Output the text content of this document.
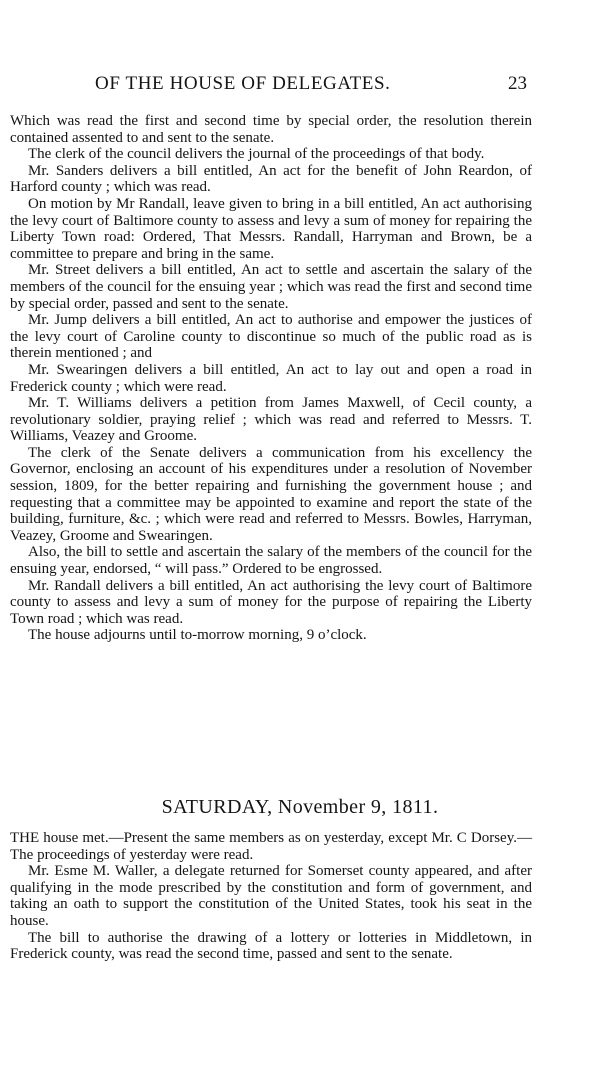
OF THE HOUSE OF DELEGATES.	23

Which was read the first and second time by special order, the resolution therein contained assented to and sent to the senate.

The clerk of the council delivers the journal of the proceedings of that body.

Mr. Sanders delivers a bill entitled, An act for the benefit of John Reardon, of Harford county ; which was read.

On motion by Mr Randall, leave given to bring in a bill entitled, An act authorising the levy court of Baltimore county to assess and levy a sum of money for repairing the Liberty Town road: Ordered, That Messrs. Randall, Harryman and Brown, be a committee to prepare and bring in the same.

Mr. Street delivers a bill entitled, An act to settle and ascertain the salary of the members of the council for the ensuing year ; which was read the first and second time by special order, passed and sent to the senate.

Mr. Jump delivers a bill entitled, An act to authorise and empower the justices of the levy court of Caroline county to discontinue so much of the public road as is therein mentioned ; and

Mr. Swearingen delivers a bill entitled, An act to lay out and open a road in Frederick county ; which were read.

Mr. T. Williams delivers a petition from James Maxwell, of Cecil county, a revolutionary soldier, praying relief ; which was read and referred to Messrs. T. Williams, Veazey and Groome.

The clerk of the Senate delivers a communication from his excellency the Governor, enclosing an account of his expenditures under a resolution of November session, 1809, for the better repairing and furnishing the government house ; and requesting that a committee may be appointed to examine and report the state of the building, furniture, &c. ; which were read and referred to Messrs. Bowles, Harryman, Veazey, Groome and Swearingen.

Also, the bill to settle and ascertain the salary of the members of the council for the ensuing year, endorsed, “ will pass.” Ordered to be engrossed.

Mr. Randall delivers a bill entitled, An act authorising the levy court of Baltimore county to assess and levy a sum of money for the purpose of repairing the Liberty Town road ; which was read.

The house adjourns until to-morrow morning, 9 o’clock.

SATURDAY, November 9, 1811.

THE house met.—Present the same members as on yesterday, except Mr. C Dorsey.—The proceedings of yesterday were read.

Mr. Esme M. Waller, a delegate returned for Somerset county appeared, and after qualifying in the mode prescribed by the constitution and form of government, and taking an oath to support the constitution of the United States, took his seat in the house.

The bill to authorise the drawing of a lottery or lotteries in Middletown, in Frederick county, was read the second time, passed and sent to the senate.
